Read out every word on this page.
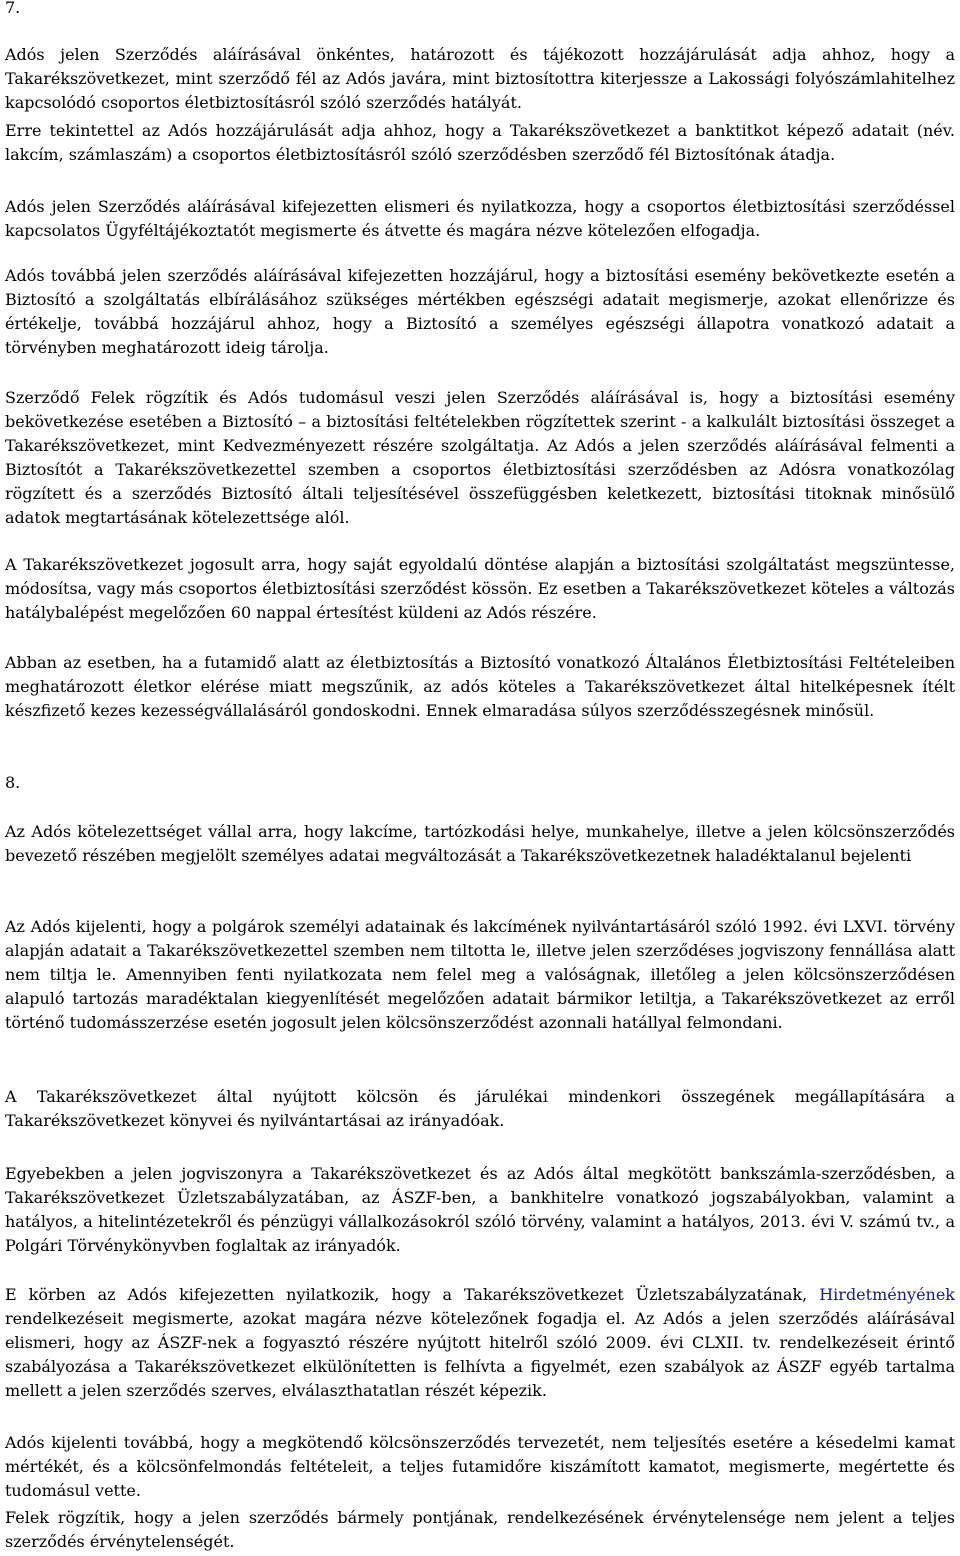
7.

Adós jelen Szerződés aláírásával önkéntes, határozott és tájékozott hozzájárulását adja ahhoz, hogy a Takarékszövetkezet, mint szerződő fél az Adós javára, mint biztosítottra kiterjessze a Lakossági folyószámlahitelhez kapcsolódó csoportos életbiztosításról szóló szerződés hatályát.

Erre tekintettel az Adós hozzájárulását adja ahhoz, hogy a Takarékszövetkezet a banktitkot képező adatait (név. lakcím, számlaszám) a csoportos életbiztosításról szóló szerződésben szerződő fél Biztosítónak átadja.

Adós jelen Szerződés aláírásával kifejezetten elismeri és nyilatkozza, hogy a csoportos életbiztosítási szerződéssel kapcsolatos Ügyféltájékoztatót megismerte és átvette és magára nézve kötelezően elfogadja.

Adós továbbá jelen szerződés aláírásával kifejezetten hozzájárul, hogy a biztosítási esemény bekövetkezte esetén a Biztosító a szolgáltatás elbírálásához szükséges mértékben egészségi adatait megismerje, azokat ellenőrizze és értékelje, továbbá hozzájárul ahhoz, hogy a Biztosító a személyes egészségi állapotra vonatkozó adatait a törvényben meghatározott ideig tárolja.

Szerződő Felek rögzítik és Adós tudomásul veszi jelen Szerződés aláírásával is, hogy a biztosítási esemény bekövetkezése esetében a Biztosító – a biztosítási feltételekben rögzítettek szerint - a kalkulált biztosítási összeget a Takarékszövetkezet, mint Kedvezményezett részére szolgáltatja. Az Adós a jelen szerződés aláírásával felmenti a Biztosítót a Takarékszövetkezettel szemben a csoportos életbiztosítási szerződésben az Adósra vonatkozólag rögzített és a szerződés Biztosító általi teljesítésével összefüggésben keletkezett, biztosítási titoknak minősülő adatok megtartásának kötelezettsége alól.

A Takarékszövetkezet jogosult arra, hogy saját egyoldalú döntése alapján a biztosítási szolgáltatást megszüntesse, módosítsa, vagy más csoportos életbiztosítási szerződést kössön. Ez esetben a Takarékszövetkezet köteles a változás hatálybalépést megelőzően 60 nappal értesítést küldeni az Adós részére.

Abban az esetben, ha a futamidő alatt az életbiztosítás a Biztosító vonatkozó Általános Életbiztosítási Feltételeiben meghatározott életkor elérése miatt megszűnik, az adós köteles a Takarékszövetkezet által hitelképesnek ítélt készfizető kezes kezességvállalásáról gondoskodni. Ennek elmaradása súlyos szerződésszegésnek minősül.

8.

Az Adós kötelezettséget vállal arra, hogy lakcíme, tartózkodási helye, munkahelye, illetve a jelen kölcsönszerződés bevezető részében megjelölt személyes adatai megváltozását a Takarékszövetkezetnek haladéktalanul bejelenti

Az Adós kijelenti, hogy a polgárok személyi adatainak és lakcímének nyilvántartásáról szóló 1992. évi LXVI. törvény alapján adatait a Takarékszövetkezettel szemben nem tiltotta le, illetve jelen szerződéses jogviszony fennállása alatt nem tiltja le. Amennyiben fenti nyilatkozata nem felel meg a valóságnak, illetőleg a jelen kölcsönszerződésen alapuló tartozás maradéktalan kiegyenlítését megelőzően adatait bármikor letiltja, a Takarékszövetkezet az erről történő tudomásszerzése esetén jogosult jelen kölcsönszerződést azonnali hatállyal felmondani.

A Takarékszövetkezet által nyújtott kölcsön és járulékai mindenkori összegének megállapítására a Takarékszövetkezet könyvei és nyilvántartásai az irányadóak.

Egyebekben a jelen jogviszonyra a Takarékszövetkezet és az Adós által megkötött bankszámla-szerződésben, a Takarékszövetkezet Üzletszabályzatában, az ÁSZF-ben, a bankhitelre vonatkozó jogszabályokban, valamint a hatályos, a hitelintézetekről és pénzügyi vállalkozásokról szóló törvény, valamint a hatályos, 2013. évi V. számú tv., a Polgári Törvénykönyvben foglaltak az irányadók.

E körben az Adós kifejezetten nyilatkozik, hogy a Takarékszövetkezet Üzletszabályzatának, Hirdetményének rendelkezéseit megismerte, azokat magára nézve kötelezőnek fogadja el. Az Adós a jelen szerződés aláírásával elismeri, hogy az ÁSZF-nek a fogyasztó részére nyújtott hitelről szóló 2009. évi CLXII. tv. rendelkezéseit érintő szabályozása a Takarékszövetkezet elkülönítetten is felhívta a figyelmét, ezen szabályok az ÁSZF egyéb tartalma mellett a jelen szerződés szerves, elválaszthatatlan részét képezik.

Adós kijelenti továbbá, hogy a megkötendő kölcsönszerződés tervezetét, nem teljesítés esetére a késedelmi kamat mértékét, és a kölcsönfelmondás feltételeit, a teljes futamidőre kiszámított kamatot, megismerte, megértette és tudomásul vette.

Felek rögzítik, hogy a jelen szerződés bármely pontjának, rendelkezésének érvénytelensége nem jelent a teljes szerződés érvénytelenségét.
